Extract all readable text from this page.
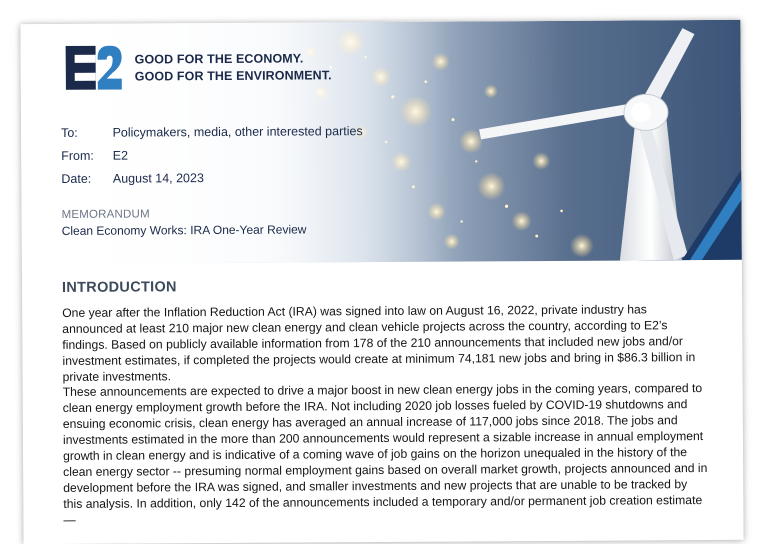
GOOD FOR THE ECONOMY.
GOOD FOR THE ENVIRONMENT.
To:	Policymakers, media, other interested parties
From: E2
Date: August 14, 2023
MEMORANDUM
Clean Economy Works: IRA One-Year Review
INTRODUCTION
One year after the Inflation Reduction Act (IRA) was signed into law on August 16, 2022, private industry has announced at least 210 major new clean energy and clean vehicle projects across the country, according to E2’s findings. Based on publicly available information from 178 of the 210 announcements that included new jobs and/or investment estimates, if completed the projects would create at minimum 74,181 new jobs and bring in $86.3 billion in private investments.
These announcements are expected to drive a major boost in new clean energy jobs in the coming years, compared to clean energy employment growth before the IRA. Not including 2020 job losses fueled by COVID-19 shutdowns and ensuing economic crisis, clean energy has averaged an annual increase of 117,000 jobs since 2018. The jobs and investments estimated in the more than 200 announcements would represent a sizable increase in annual employment growth in clean energy and is indicative of a coming wave of job gains on the horizon unequaled in the history of the clean energy sector -- presuming normal employment gains based on overall market growth, projects announced and in development before the IRA was signed, and smaller investments and new projects that are unable to be tracked by this analysis. In addition, only 142 of the announcements included a temporary and/or permanent job creation estimate —
